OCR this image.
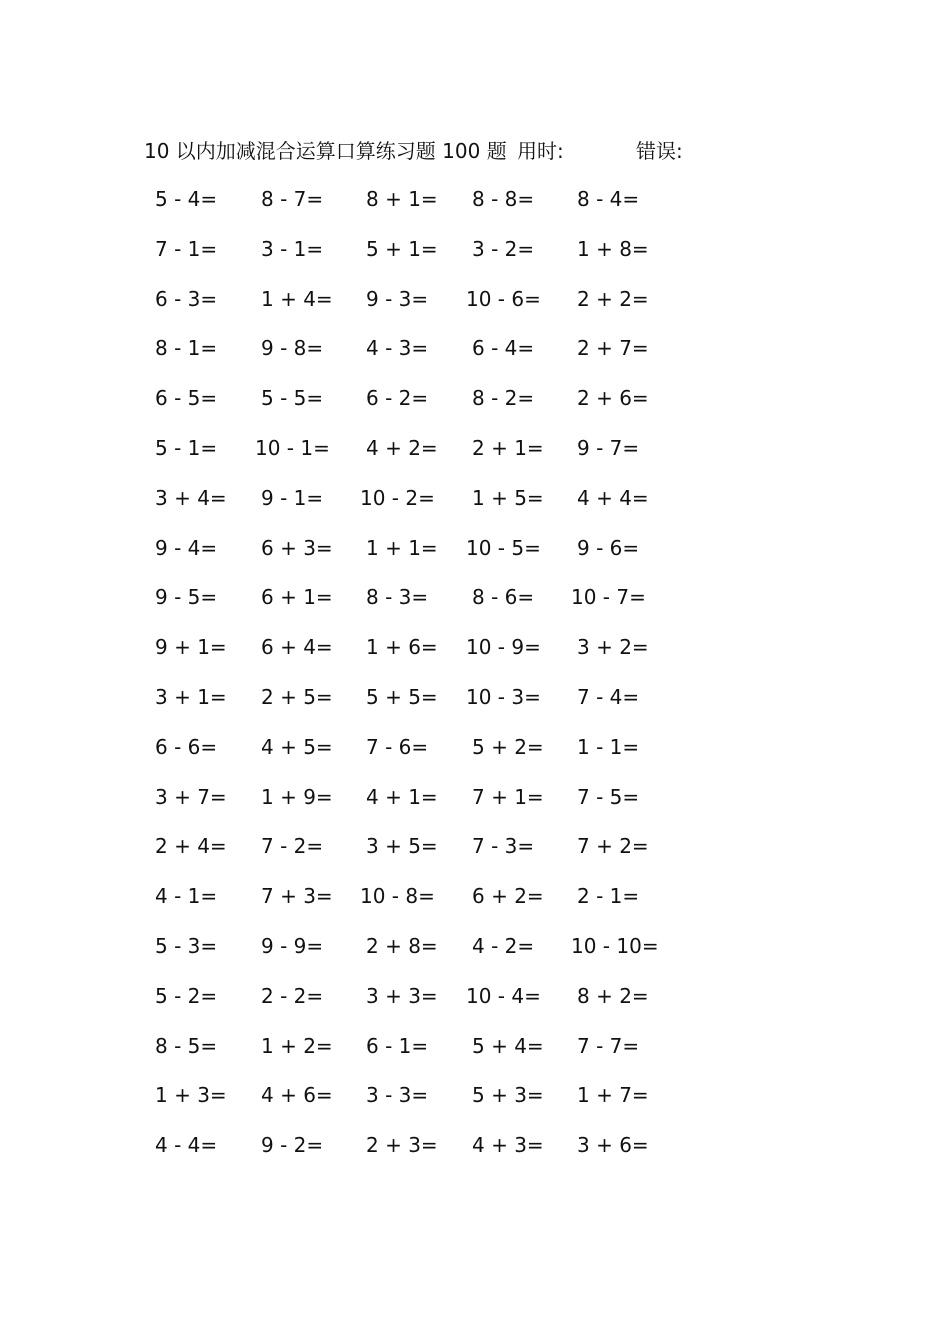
10 以内加减混合运算口算练习题 100 题 用时:	错误:
5 - 4= 8 - 7= 8 + 1= 8 - 8= 8 - 4=
7 - 1= 3 - 1= 5 + 1= 3 - 2= 1 + 8=
6 - 3= 1 + 4= 9 - 3= 10 - 6= 2 + 2=
8 - 1= 9 - 8= 4 - 3= 6 - 4= 2 + 7=
6 - 5= 5 - 5= 6 - 2= 8 - 2= 2 + 6=
5 - 1= 10 - 1= 4 + 2= 2 + 1= 9 - 7=
3 + 4= 9 - 1= 10 - 2= 1 + 5= 4 + 4=
9 - 4= 6 + 3= 1 + 1= 10 - 5= 9 - 6=
9 - 5= 6 + 1= 8 - 3= 8 - 6= 10 - 7=
9 + 1= 6 + 4= 1 + 6= 10 - 9= 3 + 2=
3 + 1= 2 + 5= 5 + 5= 10 - 3= 7 - 4=
6 - 6= 4 + 5= 7 - 6= 5 + 2= 1 - 1=
3 + 7= 1 + 9= 4 + 1= 7 + 1= 7 - 5=
2 + 4= 7 - 2= 3 + 5= 7 - 3= 7 + 2=
4 - 1= 7 + 3= 10 - 8= 6 + 2= 2 - 1=
5 - 3= 9 - 9= 2 + 8= 4 - 2= 10 - 10=
5 - 2= 2 - 2= 3 + 3= 10 - 4= 8 + 2=
8 - 5= 1 + 2= 6 - 1= 5 + 4= 7 - 7=
1 + 3= 4 + 6= 3 - 3= 5 + 3= 1 + 7=
4 - 4= 9 - 2= 2 + 3= 4 + 3= 3 + 6=
